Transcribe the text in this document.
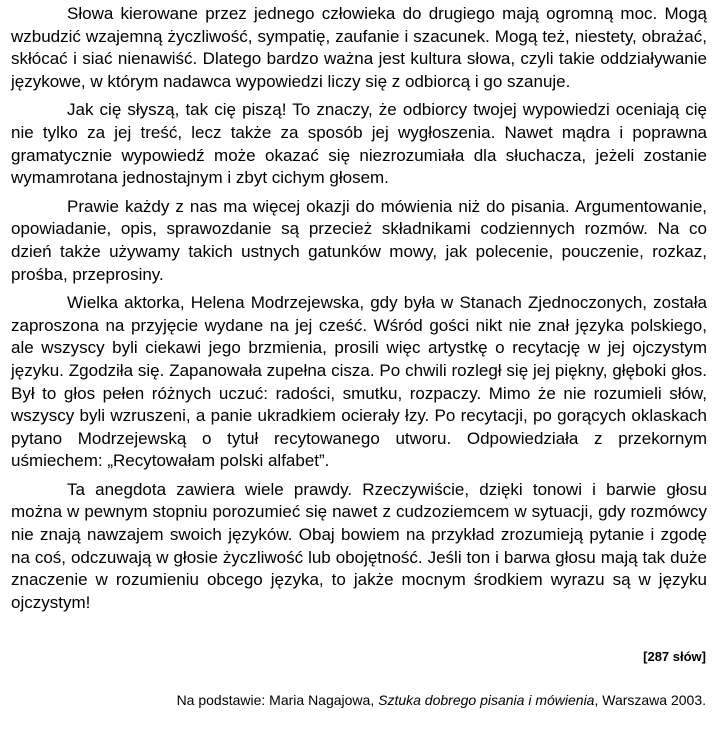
Słowa kierowane przez jednego człowieka do drugiego mają ogromną moc. Mogą wzbudzić wzajemną życzliwość, sympatię, zaufanie i szacunek. Mogą też, niestety, obrażać, skłócać i siać nienawiść. Dlatego bardzo ważna jest kultura słowa, czyli takie oddziaływanie językowe, w którym nadawca wypowiedzi liczy się z odbiorcą i go szanuje.

Jak cię słyszą, tak cię piszą! To znaczy, że odbiorcy twojej wypowiedzi oceniają cię nie tylko za jej treść, lecz także za sposób jej wygłoszenia. Nawet mądra i poprawna gramatycznie wypowiedź może okazać się niezrozumiała dla słuchacza, jeżeli zostanie wymamrotana jednostajnym i zbyt cichym głosem.

Prawie każdy z nas ma więcej okazji do mówienia niż do pisania. Argumentowanie, opowiadanie, opis, sprawozdanie są przecież składnikami codziennych rozmów. Na co dzień także używamy takich ustnych gatunków mowy, jak polecenie, pouczenie, rozkaz, prośba, przeprosiny.

Wielka aktorka, Helena Modrzejewska, gdy była w Stanach Zjednoczonych, została zaproszona na przyjęcie wydane na jej cześć. Wśród gości nikt nie znał języka polskiego, ale wszyscy byli ciekawi jego brzmienia, prosili więc artystkę o recytację w jej ojczystym języku. Zgodziła się. Zapanowała zupełna cisza. Po chwili rozległ się jej piękny, głęboki głos. Był to głos pełen różnych uczuć: radości, smutku, rozpaczy. Mimo że nie rozumieli słów, wszyscy byli wzruszeni, a panie ukradkiem ocierały łzy. Po recytacji, po gorących oklaskach pytano Modrzejewską o tytuł recytowanego utworu. Odpowiedziała z przekornym uśmiechem: „Recytowałam polski alfabet”.

Ta anegdota zawiera wiele prawdy. Rzeczywiście, dzięki tonowi i barwie głosu można w pewnym stopniu porozumieć się nawet z cudzoziemcem w sytuacji, gdy rozmówcy nie znają nawzajem swoich języków. Obaj bowiem na przykład zrozumieją pytanie i zgodę na coś, odczuwają w głosie życzliwość lub obojętność. Jeśli ton i barwa głosu mają tak duże znaczenie w rozumieniu obcego języka, to jakże mocnym środkiem wyrazu są w języku ojczystym!

[287 słów]

Na podstawie: Maria Nagajowa, Sztuka dobrego pisania i mówienia, Warszawa 2003.
